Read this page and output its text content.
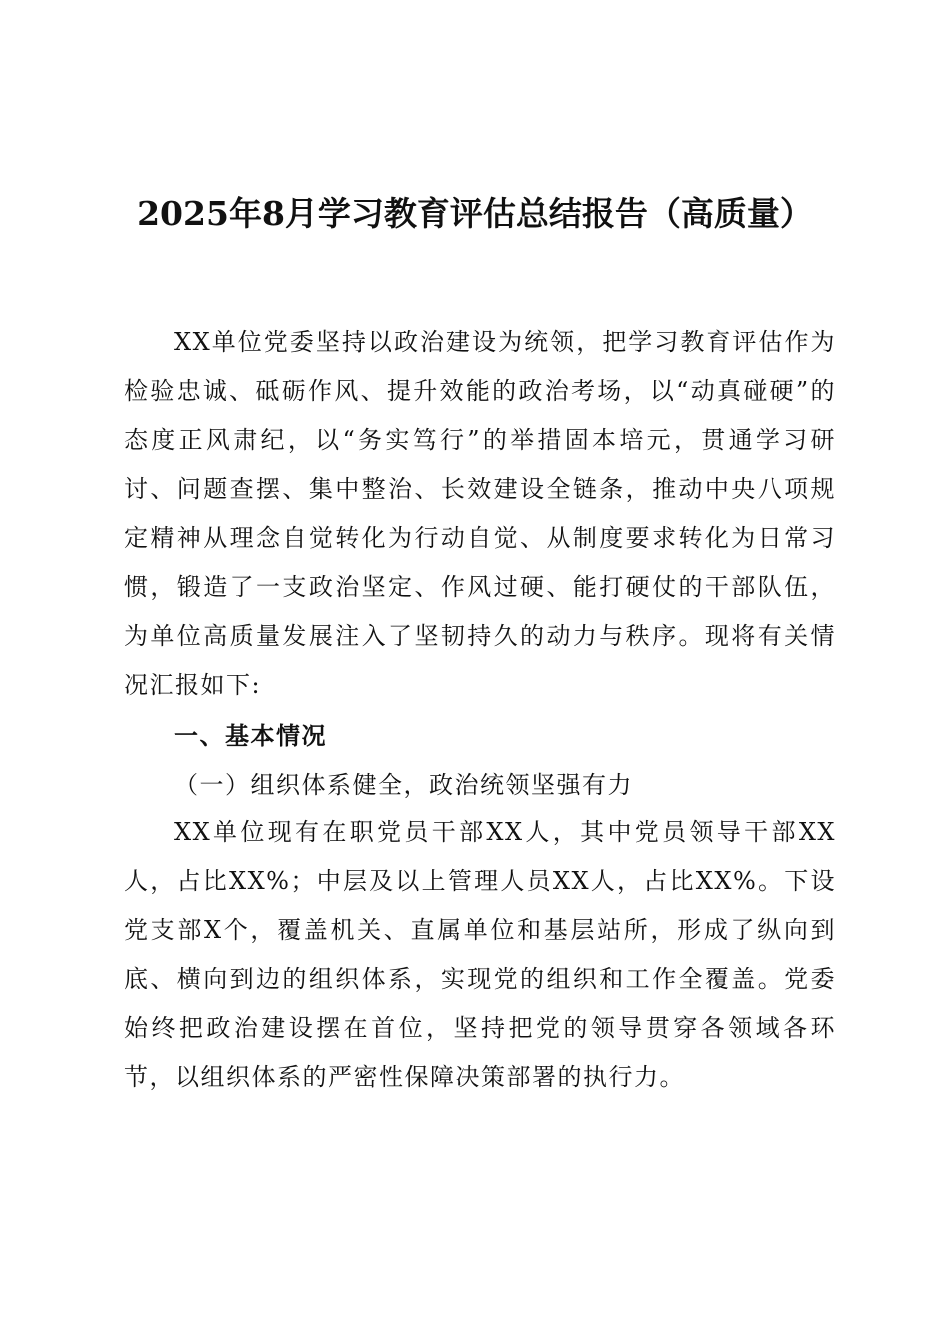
2025年8月学习教育评估总结报告（高质量）

XX单位党委坚持以政治建设为统领，把学习教育评估作为检验忠诚、砥砺作风、提升效能的政治考场，以“动真碰硬”的态度正风肃纪，以“务实笃行”的举措固本培元，贯通学习研讨、问题查摆、集中整治、长效建设全链条，推动中央八项规定精神从理念自觉转化为行动自觉、从制度要求转化为日常习惯，锻造了一支政治坚定、作风过硬、能打硬仗的干部队伍，为单位高质量发展注入了坚韧持久的动力与秩序。现将有关情况汇报如下:

一、基本情况

（一）组织体系健全，政治统领坚强有力

XX单位现有在职党员干部XX人，其中党员领导干部XX人，占比XX%；中层及以上管理人员XX人，占比XX%。下设党支部X个，覆盖机关、直属单位和基层站所，形成了纵向到底、横向到边的组织体系，实现党的组织和工作全覆盖。党委始终把政治建设摆在首位，坚持把党的领导贯穿各领域各环节，以组织体系的严密性保障决策部署的执行力。
